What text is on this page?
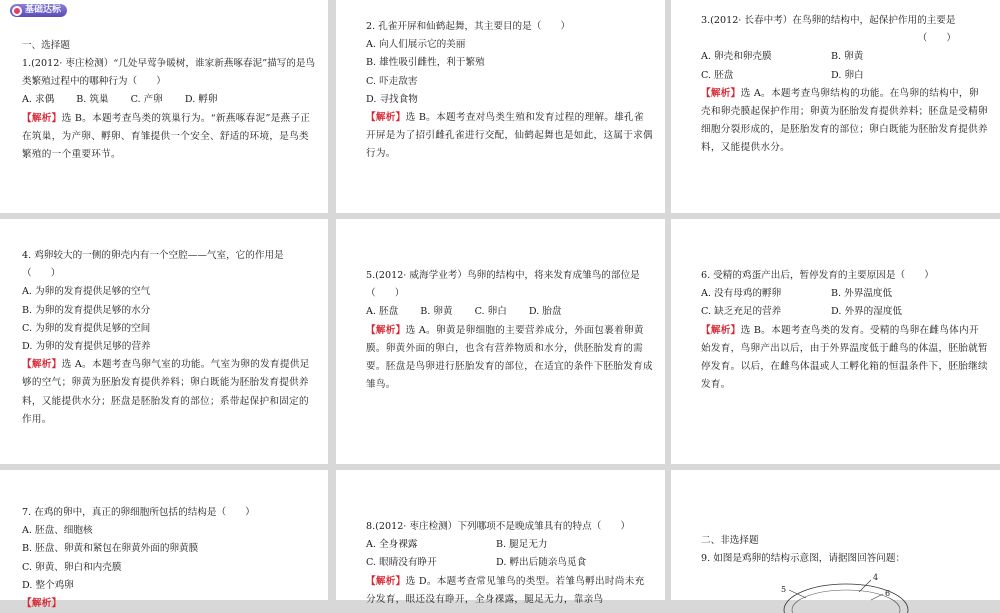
基础达标

一、选择题

1.(2012· 枣庄检测）“几处早莺争暖树，谁家新燕啄春泥”描写的是鸟类繁殖过程中的哪种行为（　　）

A. 求偶 B. 筑巢 C. 产卵 D. 孵卵

【解析】选 B。本题考查鸟类的筑巢行为。“新燕啄春泥”是燕子正在筑巢，为产卵、孵卵、育雏提供一个安全、舒适的环境，是鸟类繁殖的一个重要环节。

2. 孔雀开屏和仙鹤起舞，其主要目的是（　　）

A. 向人们展示它的美丽
B. 雄性吸引雌性，利于繁殖
C. 吓走敌害
D. 寻找食物

【解析】选 B。本题考查对鸟类生殖和发育过程的理解。雄孔雀开屏是为了招引雌孔雀进行交配，仙鹤起舞也是如此，这属于求偶行为。

3.(2012· 长春中考）在鸟卵的结构中，起保护作用的主要是

（　　）
A. 卵壳和卵壳膜	B. 卵黄
C. 胚盘	D. 卵白

【解析】选 A。本题考查鸟卵结构的功能。在鸟卵的结构中，卵壳和卵壳膜起保护作用；卵黄为胚胎发育提供养料；胚盘是受精卵细胞分裂形成的，是胚胎发育的部位；卵白既能为胚胎发育提供养料，又能提供水分。

4. 鸡卵较大的一侧的卵壳内有一个空腔——气室，它的作用是（　　）

A. 为卵的发育提供足够的空气
B. 为卵的发育提供足够的水分
C. 为卵的发育提供足够的空间
D. 为卵的发育提供足够的营养

【解析】选 A。本题考查鸟卵气室的功能。气室为卵的发育提供足够的空气；卵黄为胚胎发育提供养料；卵白既能为胚胎发育提供养料，又能提供水分；胚盘是胚胎发育的部位；系带起保护和固定的作用。

5.(2012· 威海学业考）鸟卵的结构中，将来发育成雏鸟的部位是（　　）

A. 胚盘 B. 卵黄 C. 卵白 D. 胎盘

【解析】选 A。卵黄是卵细胞的主要营养成分，外面包裹着卵黄膜。卵黄外面的卵白，也含有营养物质和水分，供胚胎发育的需要。胚盘是鸟卵进行胚胎发育的部位，在适宜的条件下胚胎发育成雏鸟。

6. 受精的鸡蛋产出后，暂停发育的主要原因是（　　）

A. 没有母鸡的孵卵	B. 外界温度低
C. 缺乏充足的营养	D. 外界的湿度低

【解析】选 B。本题考查鸟类的发育。受精的鸟卵在雌鸟体内开始发育，鸟卵产出以后，由于外界温度低于雌鸟的体温，胚胎就暂停发育。以后，在雌鸟体温或人工孵化箱的恒温条件下，胚胎继续发育。

7. 在鸡的卵中，真正的卵细胞所包括的结构是（　　）

A. 胚盘、细胞核
B. 胚盘、卵黄和紧包在卵黄外面的卵黄膜
C. 卵黄、卵白和内壳膜
D. 整个鸡卵

【解析】

8.(2012· 枣庄检测）下列哪项不是晚成雏具有的特点（　　）

A. 全身裸露	B. 腿足无力
C. 眼睛没有睁开	D. 孵出后随亲鸟觅食

【解析】选 D。本题考查常见雏鸟的类型。若雏鸟孵出时尚未充分发育，眼还没有睁开，全身裸露，腿足无力，靠亲鸟

二、非选择题

9. 如图是鸡卵的结构示意图，请据图回答问题：

5
4
6
